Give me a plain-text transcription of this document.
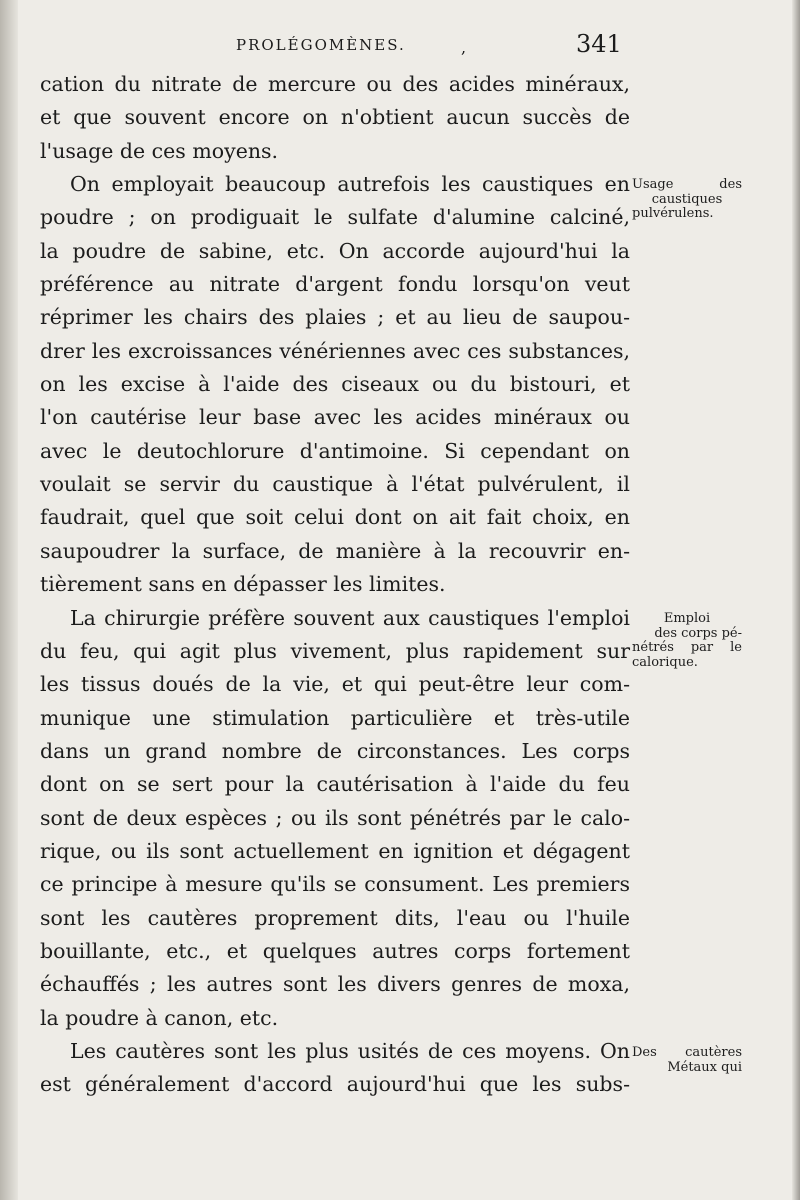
PROLÉGOMÈNES.	,	341
cation du nitrate de mercure ou des acides minéraux,
et que souvent encore on n'obtient aucun succès de
l'usage de ces moyens.
On employait beaucoup autrefois les caustiques en
poudre ; on prodiguait le sulfate d'alumine calciné,
la poudre de sabine, etc. On accorde aujourd'hui la
préférence au nitrate d'argent fondu lorsqu'on veut
réprimer les chairs des plaies ; et au lieu de saupou-
drer les excroissances vénériennes avec ces substances,
on les excise à l'aide des ciseaux ou du bistouri, et
l'on cautérise leur base avec les acides minéraux ou
avec le deutochlorure d'antimoine. Si cependant on
voulait se servir du caustique à l'état pulvérulent, il
faudrait, quel que soit celui dont on ait fait choix, en
saupoudrer la surface, de manière à la recouvrir en-
tièrement sans en dépasser les limites.
La chirurgie préfère souvent aux caustiques l'emploi
du feu, qui agit plus vivement, plus rapidement sur
les tissus doués de la vie, et qui peut-être leur com-
munique une stimulation particulière et très-utile
dans un grand nombre de circonstances. Les corps
dont on se sert pour la cautérisation à l'aide du feu
sont de deux espèces ; ou ils sont pénétrés par le calo-
rique, ou ils sont actuellement en ignition et dégagent
ce principe à mesure qu'ils se consument. Les premiers
sont les cautères proprement dits, l'eau ou l'huile
bouillante, etc., et quelques autres corps fortement
échauffés ; les autres sont les divers genres de moxa,
la poudre à canon, etc.
Les cautères sont les plus usités de ces moyens. On
est généralement d'accord aujourd'hui que les subs-
Usage des
caustiques
pulvérulens.
Emploi
des corps pé-
nétrés par le
calorique.
Des cautères
Métaux qui
